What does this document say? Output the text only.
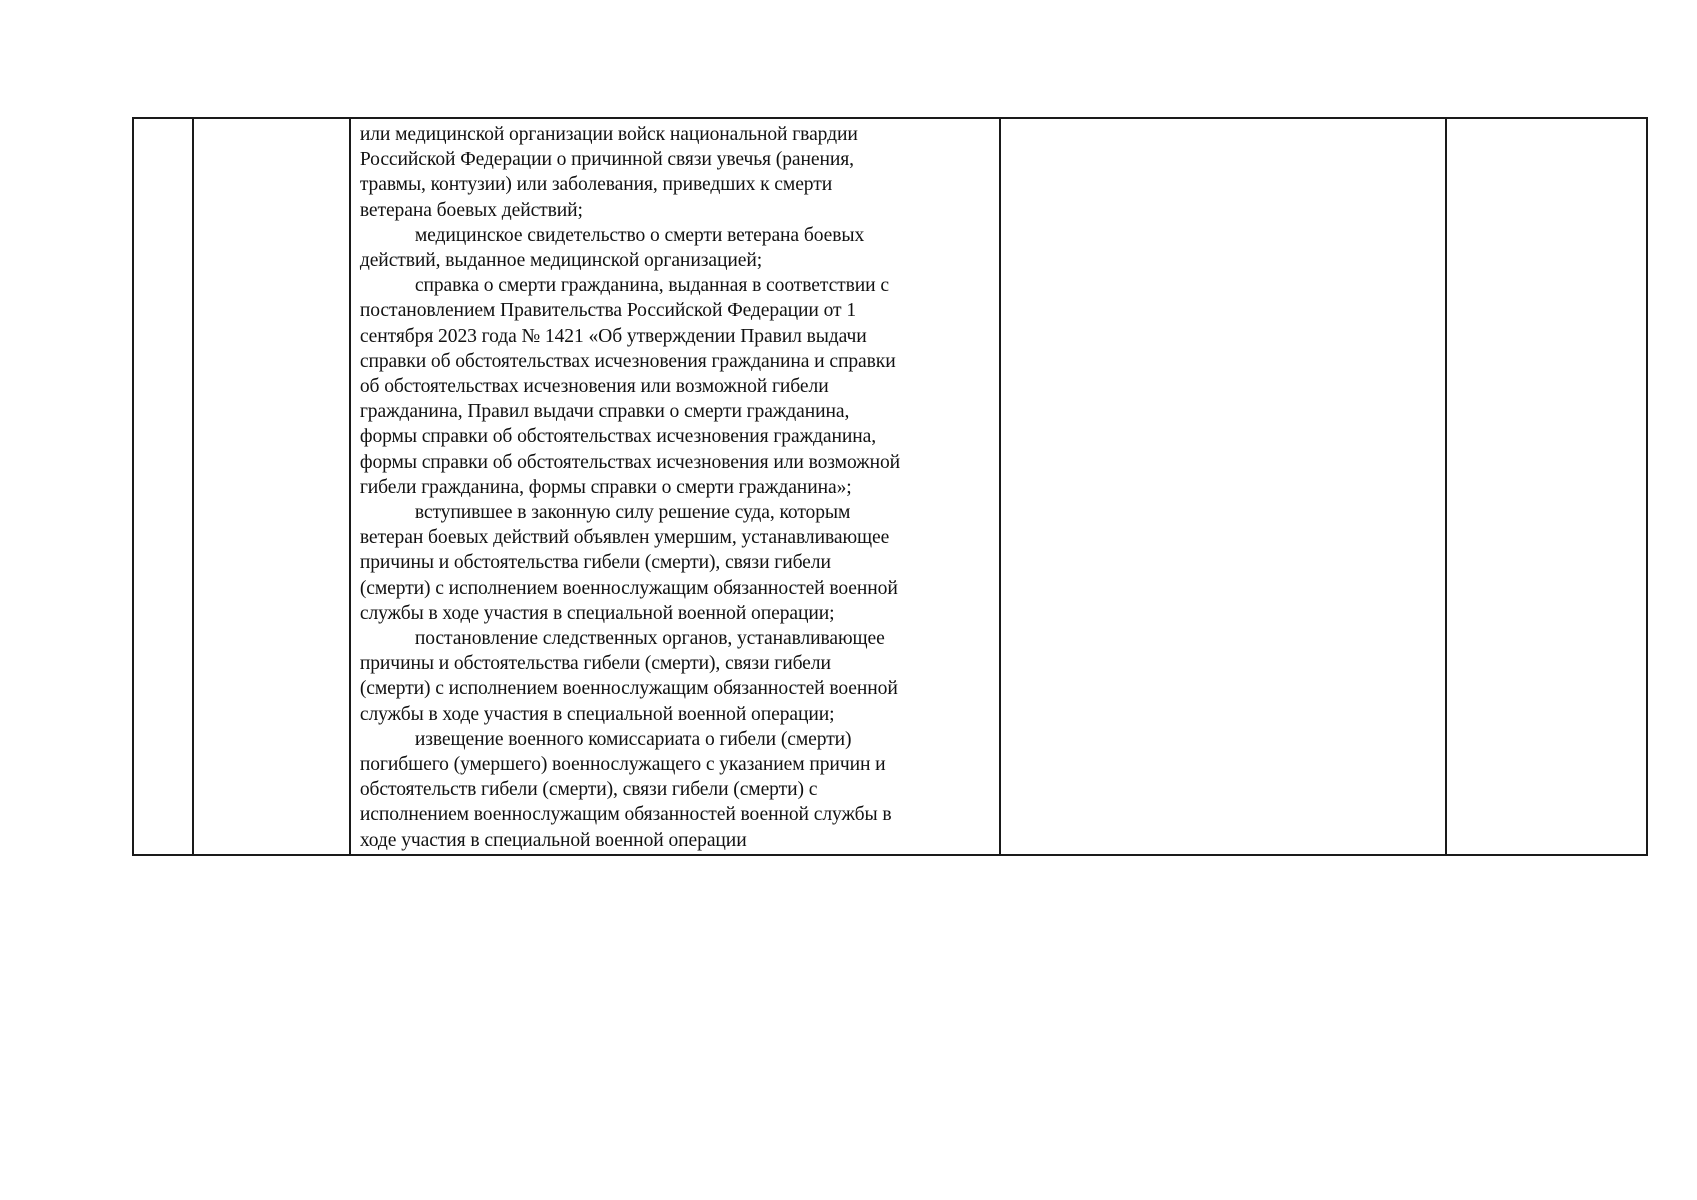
или медицинской организации войск национальной гвардии
Российской Федерации о причинной связи увечья (ранения,
травмы, контузии) или заболевания, приведших к смерти
ветерана боевых действий;
медицинское свидетельство о смерти ветерана боевых
действий, выданное медицинской организацией;
справка о смерти гражданина, выданная в соответствии с
постановлением Правительства Российской Федерации от 1
сентября 2023 года № 1421 «Об утверждении Правил выдачи
справки об обстоятельствах исчезновения гражданина и справки
об обстоятельствах исчезновения или возможной гибели
гражданина, Правил выдачи справки о смерти гражданина,
формы справки об обстоятельствах исчезновения гражданина,
формы справки об обстоятельствах исчезновения или возможной
гибели гражданина, формы справки о смерти гражданина»;
вступившее в законную силу решение суда, которым
ветеран боевых действий объявлен умершим, устанавливающее
причины и обстоятельства гибели (смерти), связи гибели
(смерти) с исполнением военнослужащим обязанностей военной
службы в ходе участия в специальной военной операции;
постановление следственных органов, устанавливающее
причины и обстоятельства гибели (смерти), связи гибели
(смерти) с исполнением военнослужащим обязанностей военной
службы в ходе участия в специальной военной операции;
извещение военного комиссариата о гибели (смерти)
погибшего (умершего) военнослужащего с указанием причин и
обстоятельств гибели (смерти), связи гибели (смерти) с
исполнением военнослужащим обязанностей военной службы в
ходе участия в специальной военной операции
